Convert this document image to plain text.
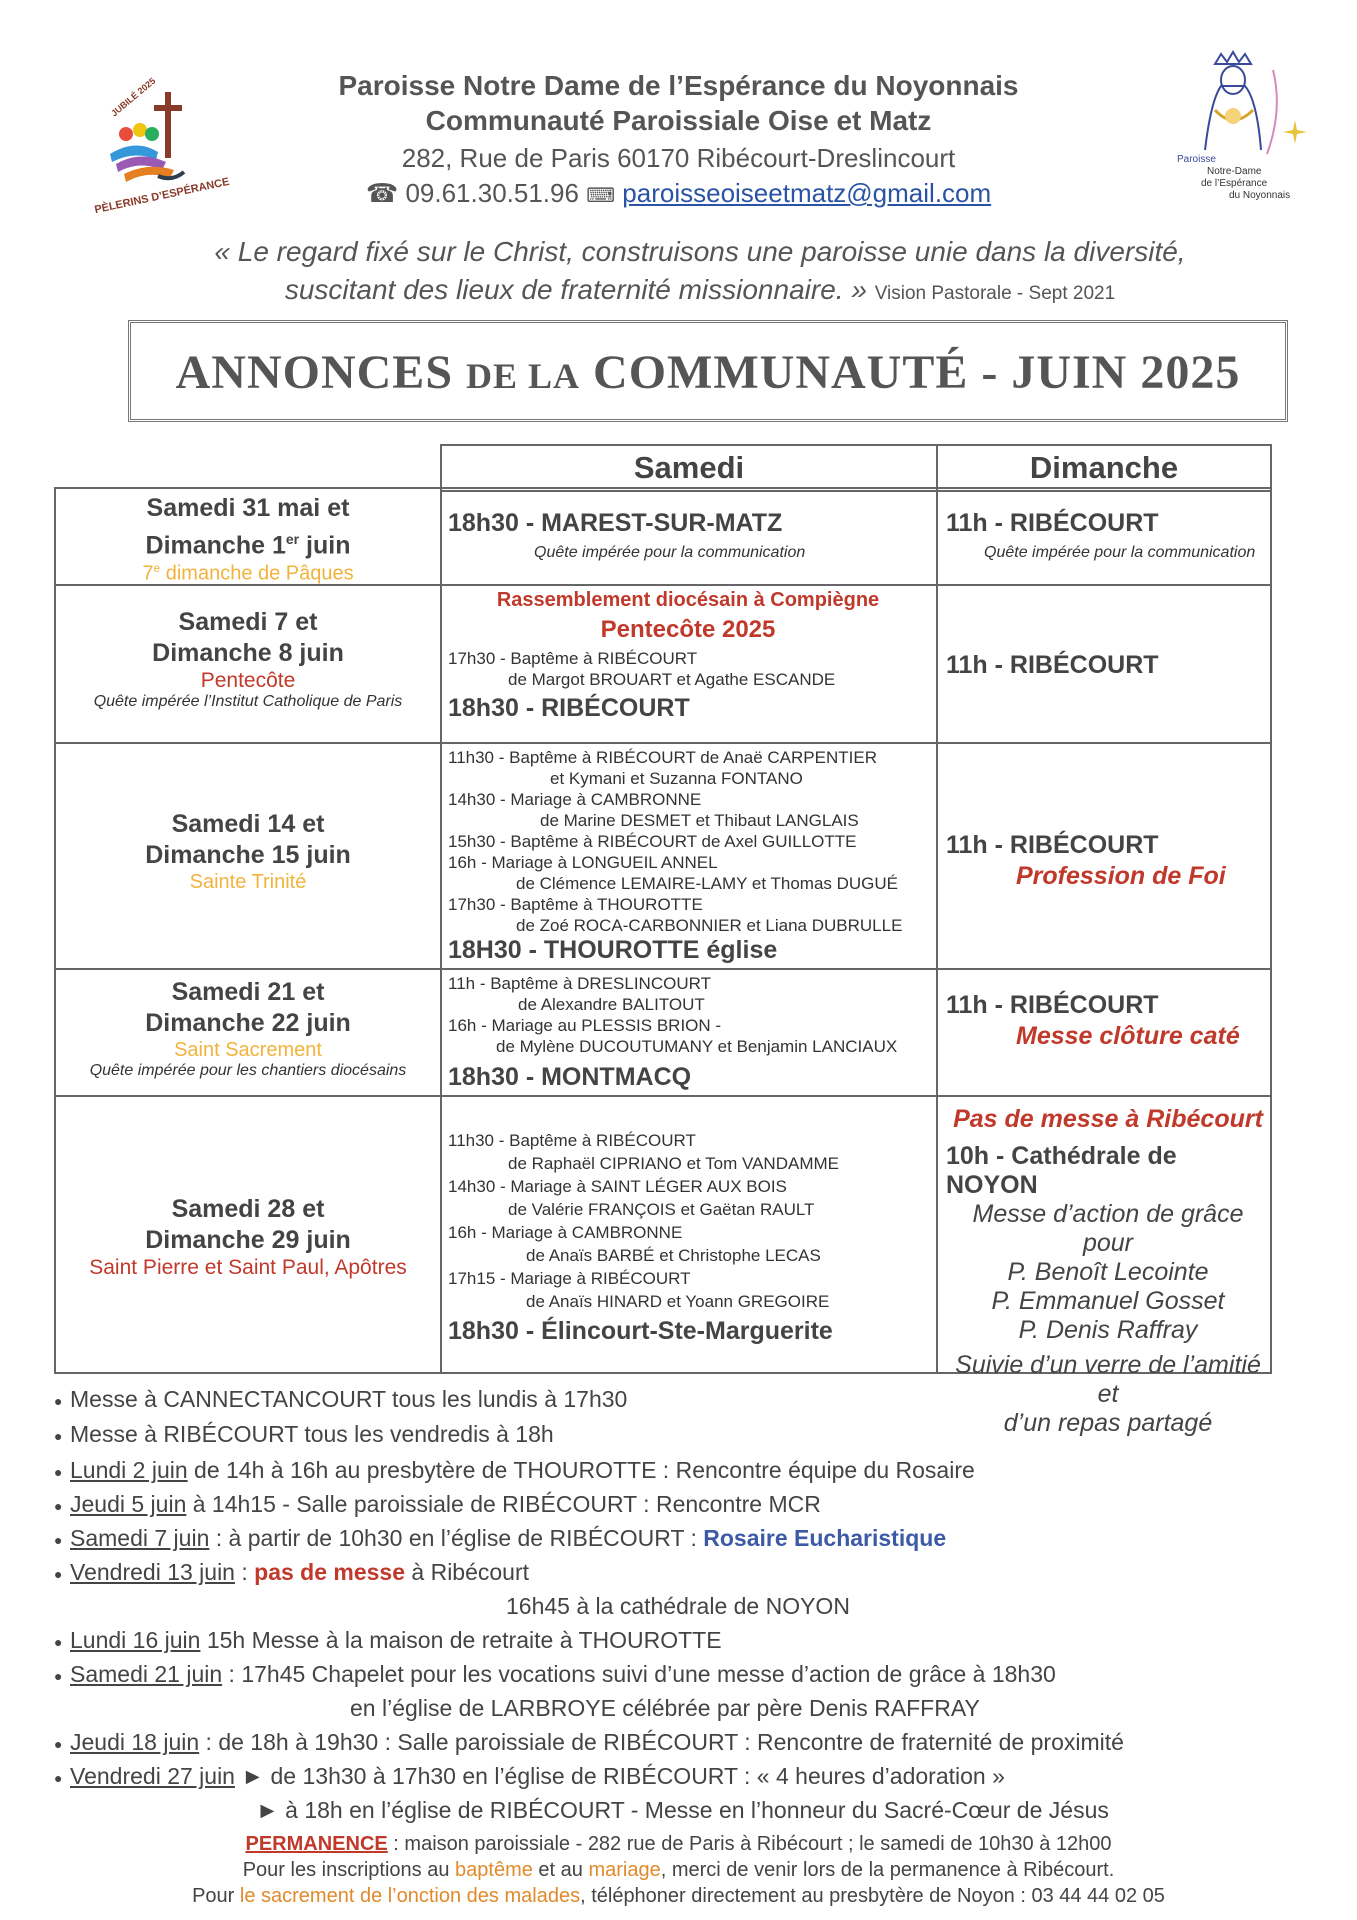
JUBILÉ 2025
PÈLERINS D’ESPÉRANCE
Paroisse
Notre-Dame
de l’Espérance
du Noyonnais
Paroisse Notre Dame de l’Espérance du Noyonnais
Communauté Paroissiale Oise et Matz
282, Rue de Paris 60170 Ribécourt-Dreslincourt
☎ 09.61.30.51.96 ⌨ paroisseoiseetmatz@gmail.com
« Le regard fixé sur le Christ, construisons une paroisse unie dans la diversité,
suscitant des lieux de fraternité missionnaire. » Vision Pastorale - Sept 2021
ANNONCES DE LA COMMUNAUTÉ - JUIN 2025
Samedi	Dimanche
Samedi 31 mai et
Dimanche 1er juin
7e dimanche de Pâques
18h30 - MAREST-SUR-MATZ
Quête impérée pour la communication
11h - RIBÉCOURT
Quête impérée pour la communication
Samedi 7 et
Dimanche 8 juin
Pentecôte
Quête impérée l’Institut Catholique de Paris
Rassemblement diocésain à Compiègne
Pentecôte 2025
17h30 - Baptême à RIBÉCOURT
de Margot BROUART et Agathe ESCANDE
18h30 - RIBÉCOURT
11h - RIBÉCOURT
Samedi 14 et
Dimanche 15 juin
Sainte Trinité
11h30 - Baptême à RIBÉCOURT de Anaë CARPENTIER
et Kymani et Suzanna FONTANO
14h30 - Mariage à CAMBRONNE
de Marine DESMET et Thibaut LANGLAIS
15h30 - Baptême à RIBÉCOURT de Axel GUILLOTTE
16h - Mariage à LONGUEIL ANNEL
de Clémence LEMAIRE-LAMY et Thomas DUGUÉ
17h30 - Baptême à THOUROTTE
de Zoé ROCA-CARBONNIER et Liana DUBRULLE
18H30 - THOUROTTE église
11h - RIBÉCOURT
Profession de Foi
Samedi 21 et
Dimanche 22 juin
Saint Sacrement
Quête impérée pour les chantiers diocésains
11h - Baptême à DRESLINCOURT
de Alexandre BALITOUT
16h - Mariage au PLESSIS BRION -
de Mylène DUCOUTUMANY et Benjamin LANCIAUX
18h30 - MONTMACQ
11h - RIBÉCOURT
Messe clôture caté
Samedi 28 et
Dimanche 29 juin
Saint Pierre et Saint Paul, Apôtres
11h30 - Baptême à RIBÉCOURT
de Raphaël CIPRIANO et Tom VANDAMME
14h30 - Mariage à SAINT LÉGER AUX BOIS
de Valérie FRANÇOIS et Gaëtan RAULT
16h - Mariage à CAMBRONNE
de Anaïs BARBÉ et Christophe LECAS
17h15 - Mariage à RIBÉCOURT
de Anaïs HINARD et Yoann GREGOIRE
18h30 - Élincourt-Ste-Marguerite
Pas de messe à Ribécourt
10h - Cathédrale de NOYON
Messe d’action de grâce pour
P. Benoît Lecointe
P. Emmanuel Gosset
P. Denis Raffray
Suivie d’un verre de l’amitié et
d’un repas partagé
● Messe à CANNECTANCOURT tous les lundis à 17h30
● Messe à RIBÉCOURT tous les vendredis à 18h
● Lundi 2 juin de 14h à 16h au presbytère de THOUROTTE : Rencontre équipe du Rosaire
● Jeudi 5 juin à 14h15 - Salle paroissiale de RIBÉCOURT : Rencontre MCR
● Samedi 7 juin : à partir de 10h30 en l’église de RIBÉCOURT : Rosaire Eucharistique
● Vendredi 13 juin : pas de messe à Ribécourt
16h45 à la cathédrale de NOYON
● Lundi 16 juin 15h Messe à la maison de retraite à THOUROTTE
● Samedi 21 juin : 17h45 Chapelet pour les vocations suivi d’une messe d’action de grâce à 18h30
en l’église de LARBROYE célébrée par père Denis RAFFRAY
● Jeudi 18 juin : de 18h à 19h30 : Salle paroissiale de RIBÉCOURT : Rencontre de fraternité de proximité
● Vendredi 27 juin ► de 13h30 à 17h30 en l’église de RIBÉCOURT : « 4 heures d’adoration »
► à 18h en l’église de RIBÉCOURT - Messe en l’honneur du Sacré-Cœur de Jésus
PERMANENCE : maison paroissiale - 282 rue de Paris à Ribécourt ; le samedi de 10h30 à 12h00
Pour les inscriptions au baptême et au mariage, merci de venir lors de la permanence à Ribécourt.
Pour le sacrement de l’onction des malades, téléphoner directement au presbytère de Noyon : 03 44 44 02 05
